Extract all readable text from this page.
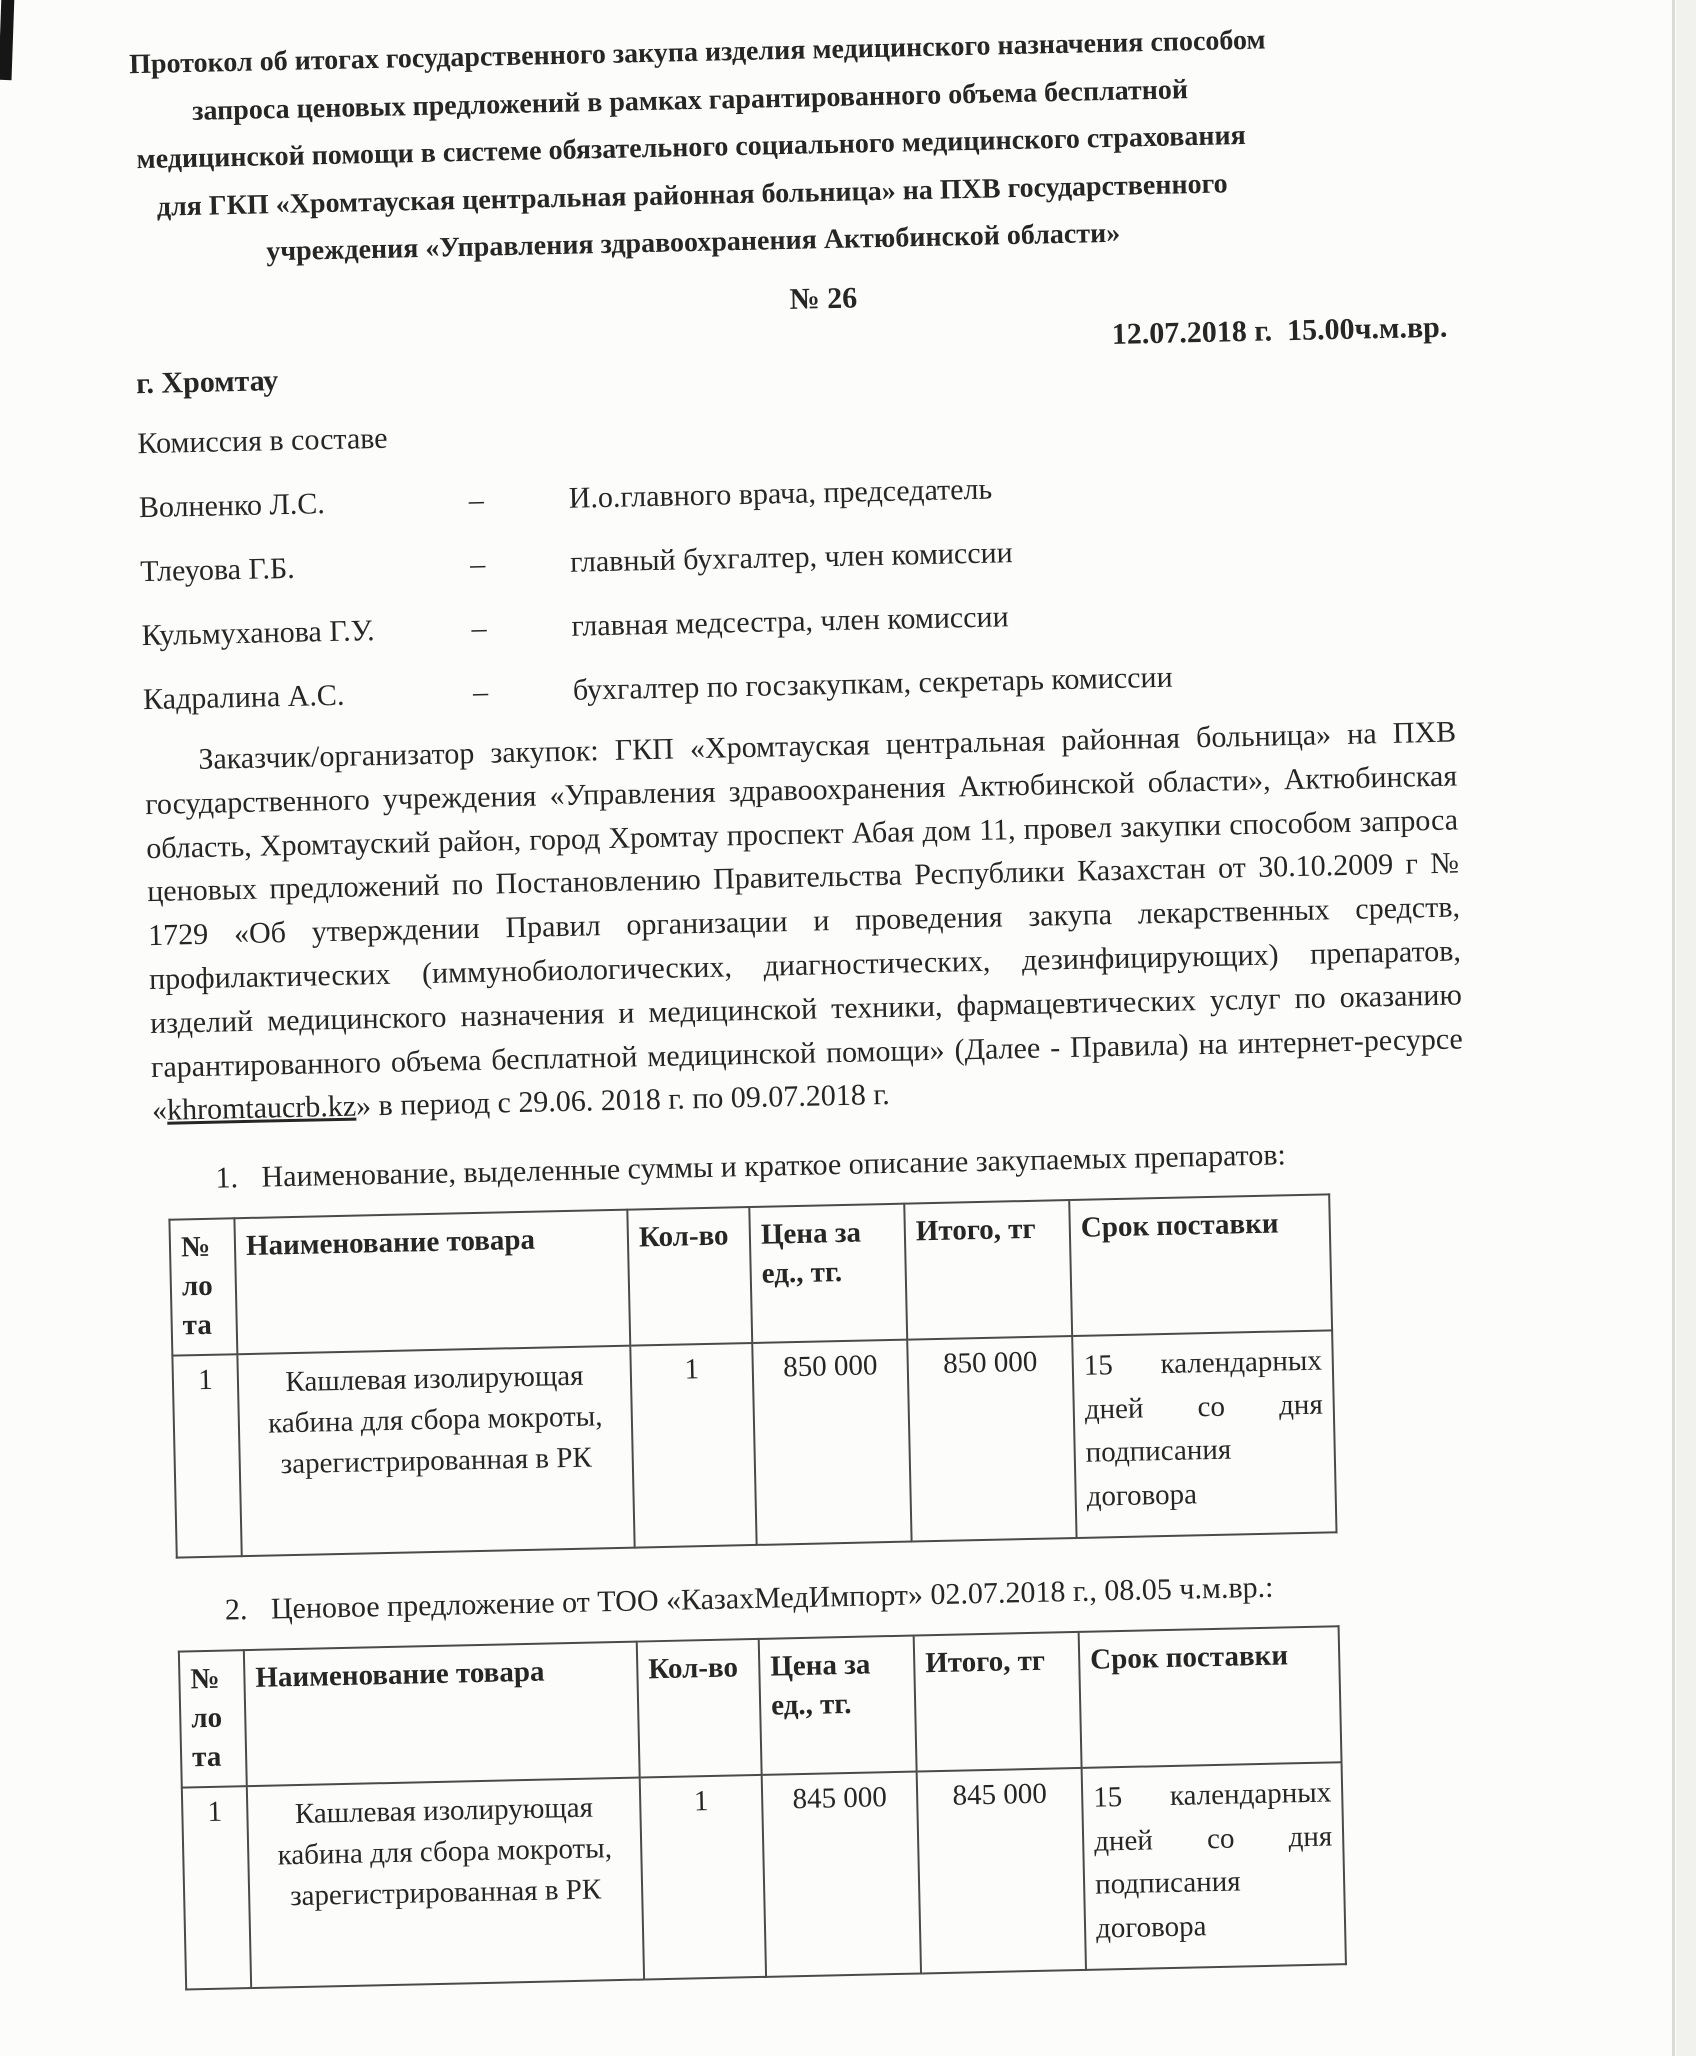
Протокол об итогах государственного закупа изделия медицинского назначения способом
запроса ценовых предложений в рамках гарантированного объема бесплатной
медицинской помощи в системе обязательного социального медицинского страхования
для ГКП «Хромтауская центральная районная больница» на ПХВ государственного
учреждения «Управления здравоохранения Актюбинской области»
№ 26
12.07.2018 г.  15.00ч.м.вр.
г. Хромтау
Комиссия в составе
Волненко Л.С.	–	И.о.главного врача, председатель
Тлеуова Г.Б.	–	главный бухгалтер, член комиссии
Кульмуханова Г.У.	–	главная медсестра, член комиссии
Кадралина А.С.	–	бухгалтер по госзакупкам, секретарь комиссии

Заказчик/организатор закупок: ГКП «Хромтауская центральная районная больница» на ПХВ государственного учреждения «Управления здравоохранения Актюбинской области», Актюбинская область, Хромтауский район, город Хромтау проспект Абая дом 11, провел закупки способом запроса ценовых предложений по Постановлению Правительства Республики Казахстан от 30.10.2009 г № 1729 «Об утверждении Правил организации и проведения закупа лекарственных средств, профилактических (иммунобиологических, диагностических, дезинфицирующих) препаратов, изделий медицинского назначения и медицинской техники, фармацевтических услуг по оказанию гарантированного объема бесплатной медицинской помощи» (Далее - Правила) на интернет-ресурсе «khromtaucrb.kz» в период с 29.06. 2018 г. по 09.07.2018 г.

1. Наименование, выделенные суммы и краткое описание закупаемых препаратов:
№ лота	Наименование товара	Кол-во	Цена за ед., тг.	Итого, тг	Срок поставки
1	Кашлевая изолирующая кабина для сбора мокроты, зарегистрированная в РК	1	850 000	850 000	15 календарных дней со дня подписания договора
2. Ценовое предложение от ТОО «КазахМедИмпорт» 02.07.2018 г., 08.05 ч.м.вр.:
№ лота	Наименование товара	Кол-во	Цена за ед., тг.	Итого, тг	Срок поставки
1	Кашлевая изолирующая кабина для сбора мокроты, зарегистрированная в РК	1	845 000	845 000	15 календарных дней со дня подписания договора
